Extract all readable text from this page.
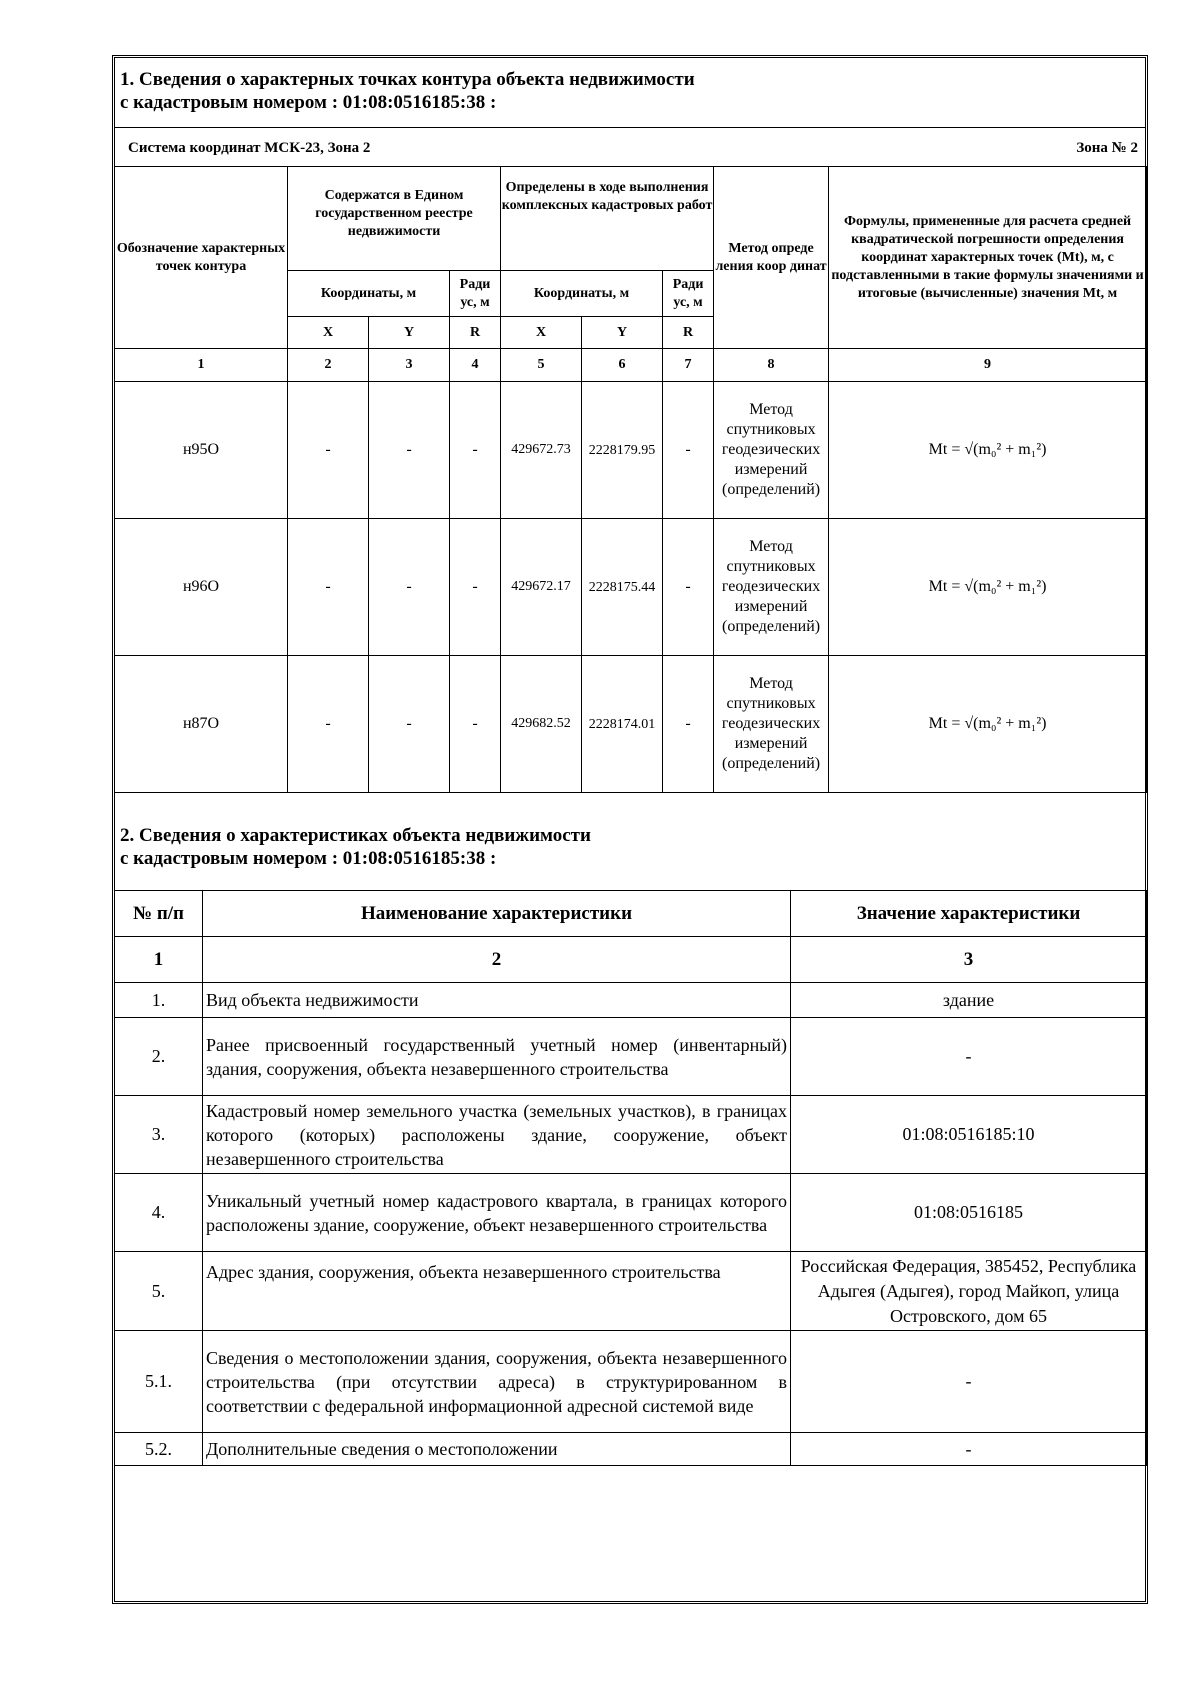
1. Сведения о характерных точках контура объекта недвижимости
с кадастровым номером : 01:08:0516185:38 :
Система координат МСК-23, Зона 2	Зона № 2
Обозначение характерных точек контура	Содержатся в Едином государственном реестре недвижимости			Определены в ходе выполнения комплексных кадастровых работ			Метод опреде ления коор динат	Формулы, примененные для расчета средней квадратической погрешности определения координат характерных точек (Mt), м, с подставленными в такие формулы значениями и итоговые (вычисленные) значения Mt, м
	Координаты, м		Ради ус, м	Координаты, м		Ради ус, м		
	X	Y	R	X	Y	R		
1	2	3	4	5	6	7	8	9
н95О	-	-	-	429672.73	2228179.95	-	Метод спутниковых геодезических измерений (определений)	Mt = √(m₀² + m₁²)
н96О	-	-	-	429672.17	2228175.44	-	Метод спутниковых геодезических измерений (определений)	Mt = √(m₀² + m₁²)
н87О	-	-	-	429682.52	2228174.01	-	Метод спутниковых геодезических измерений (определений)	Mt = √(m₀² + m₁²)
2. Сведения о характеристиках объекта недвижимости
с кадастровым номером : 01:08:0516185:38 :
№ п/п	Наименование характеристики	Значение характеристики
1	2	3
1.	Вид объекта недвижимости	здание
2.	Ранее присвоенный государственный учетный номер (инвентарный) здания, сооружения, объекта незавершенного строительства	-
3.	Кадастровый номер земельного участка (земельных участков), в границах которого (которых) расположены здание, сооружение, объект незавершенного строительства	01:08:0516185:10
4.	Уникальный учетный номер кадастрового квартала, в границах которого расположены здание, сооружение, объект незавершенного строительства	01:08:0516185
5.	Адрес здания, сооружения, объекта незавершенного строительства	Российская Федерация, 385452, Республика Адыгея (Адыгея), город Майкоп, улица Островского, дом 65
5.1.	Сведения о местоположении здания, сооружения, объекта незавершенного строительства (при отсутствии адреса) в структурированном в соответствии с федеральной информационной адресной системой виде	-
5.2.	Дополнительные сведения о местоположении	-
